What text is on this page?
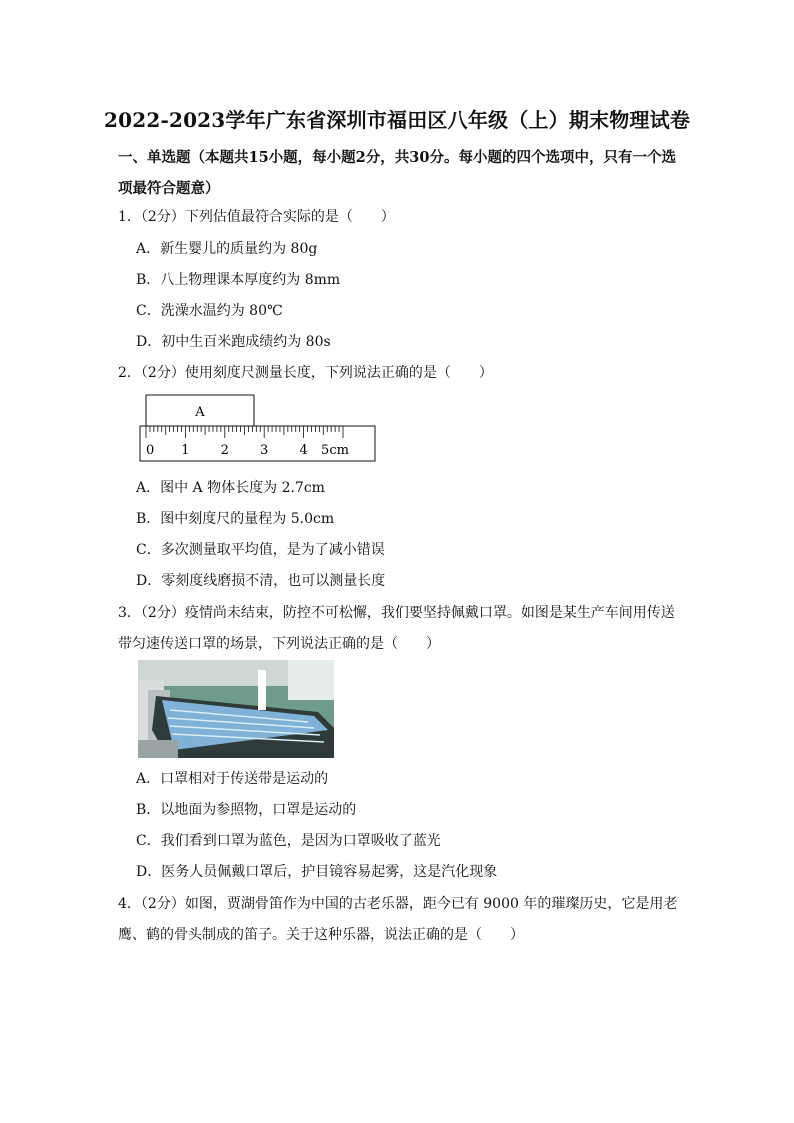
2022-2023学年广东省深圳市福田区八年级（上）期末物理试卷
一、单选题（本题共15小题，每小题2分，共30分。每小题的四个选项中，只有一个选项最符合题意）
1．（2分）下列估值最符合实际的是（　　）
A．新生婴儿的质量约为 80g
B．八上物理课本厚度约为 8mm
C．洗澡水温约为 80℃
D．初中生百米跑成绩约为 80s
2．（2分）使用刻度尺测量长度，下列说法正确的是（　　）
A
0 1 2 3 4 5cm
A．图中 A 物体长度为 2.7cm
B．图中刻度尺的量程为 5.0cm
C．多次测量取平均值，是为了减小错误
D．零刻度线磨损不清，也可以测量长度
3．（2分）疫情尚未结束，防控不可松懈，我们要坚持佩戴口罩。如图是某生产车间用传送带匀速传送口罩的场景，下列说法正确的是（　　）
A．口罩相对于传送带是运动的
B．以地面为参照物，口罩是运动的
C．我们看到口罩为蓝色，是因为口罩吸收了蓝光
D．医务人员佩戴口罩后，护目镜容易起雾，这是汽化现象
4．（2分）如图，贾湖骨笛作为中国的古老乐器，距今已有 9000 年的璀璨历史，它是用老鹰、鹤的骨头制成的笛子。关于这种乐器，说法正确的是（　　）
